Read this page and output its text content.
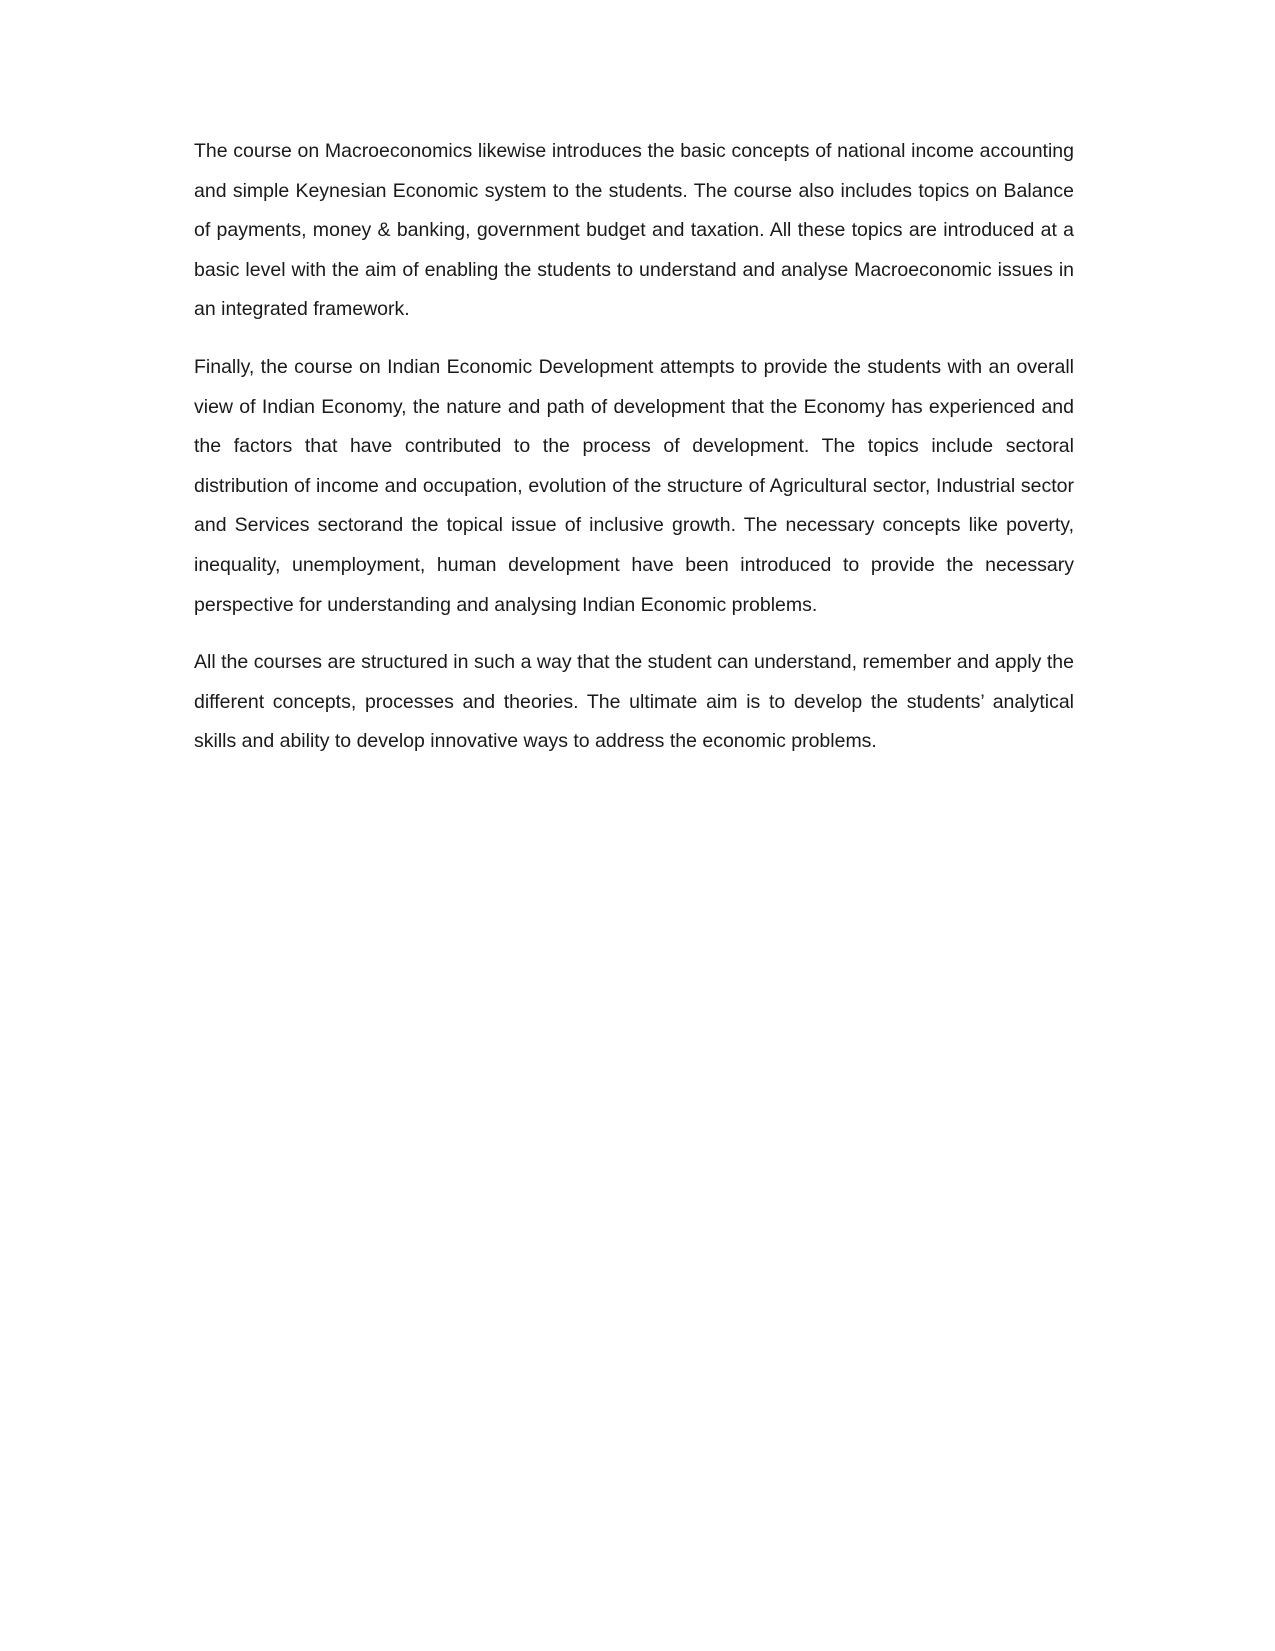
The course on Macroeconomics likewise introduces the basic concepts of national income accounting and simple Keynesian Economic system to the students. The course also includes topics on Balance of payments, money & banking, government budget and taxation. All these topics are introduced at a basic level with the aim of enabling the students to understand and analyse Macroeconomic issues in an integrated framework.

Finally, the course on Indian Economic Development attempts to provide the students with an overall view of Indian Economy, the nature and path of development that the Economy has experienced and the factors that have contributed to the process of development. The topics include sectoral distribution of income and occupation, evolution of the structure of Agricultural sector, Industrial sector and Services sectorand the topical issue of inclusive growth. The necessary concepts like poverty, inequality, unemployment, human development have been introduced to provide the necessary perspective for understanding and analysing Indian Economic problems.

All the courses are structured in such a way that the student can understand, remember and apply the different concepts, processes and theories. The ultimate aim is to develop the students’ analytical skills and ability to develop innovative ways to address the economic problems.
